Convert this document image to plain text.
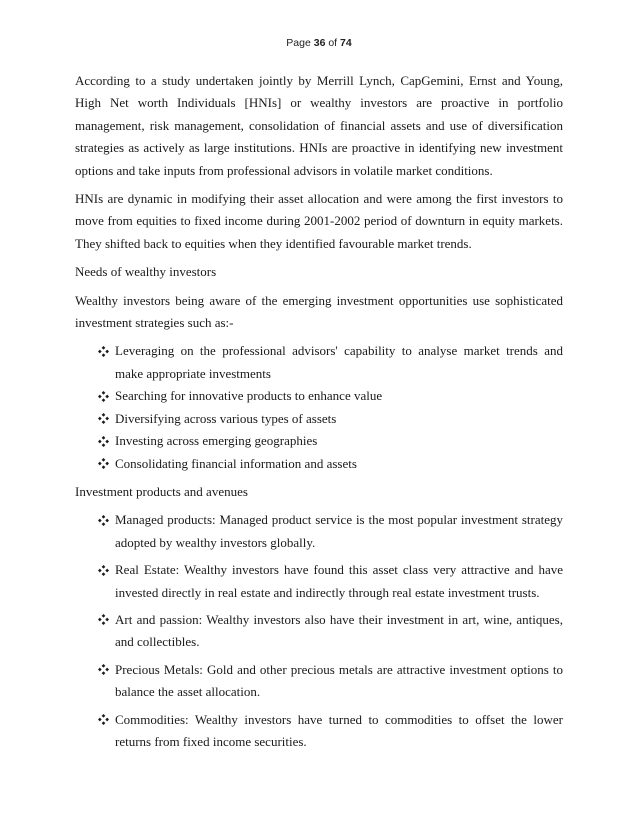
Page 36 of 74

According to a study undertaken jointly by Merrill Lynch, CapGemini, Ernst and Young, High Net worth Individuals [HNIs] or wealthy investors are proactive in portfolio management, risk management, consolidation of financial assets and use of diversification strategies as actively as large institutions. HNIs are proactive in identifying new investment options and take inputs from professional advisors in volatile market conditions.

HNIs are dynamic in modifying their asset allocation and were among the first investors to move from equities to fixed income during 2001-2002 period of downturn in equity markets. They shifted back to equities when they identified favourable market trends.

Needs of wealthy investors

Wealthy investors being aware of the emerging investment opportunities use sophisticated investment strategies such as:-

Leveraging on the professional advisors' capability to analyse market trends and make appropriate investments
Searching for innovative products to enhance value
Diversifying across various types of assets
Investing across emerging geographies
Consolidating financial information and assets

Investment products and avenues

Managed products: Managed product service is the most popular investment strategy adopted by wealthy investors globally.
Real Estate: Wealthy investors have found this asset class very attractive and have invested directly in real estate and indirectly through real estate investment trusts.
Art and passion: Wealthy investors also have their investment in art, wine, antiques, and collectibles.
Precious Metals: Gold and other precious metals are attractive investment options to balance the asset allocation.
Commodities: Wealthy investors have turned to commodities to offset the lower returns from fixed income securities.
